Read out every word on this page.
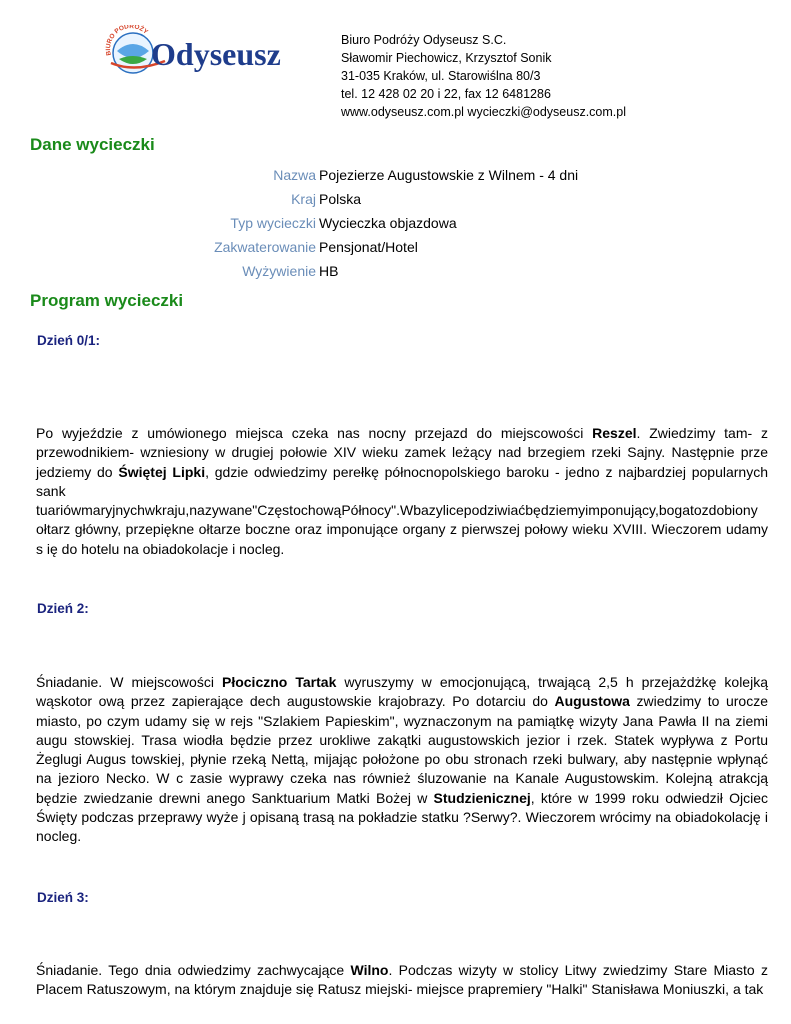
BIURO PODRÓŻY
Odyseusz	Biuro Podróży Odyseusz S.C.
Sławomir Piechowicz, Krzysztof Sonik
31-035 Kraków, ul. Starowiślna 80/3
tel. 12 428 02 20 i 22, fax 12 6481286
www.odyseusz.com.pl wycieczki@odyseusz.com.pl
Dane wycieczki
Nazwa Pojezierze Augustowskie z Wilnem - 4 dni
Kraj Polska
Typ wycieczki Wycieczka objazdowa
Zakwaterowanie Pensjonat/Hotel
Wyżywienie HB
Program wycieczki
Dzień 0/1:

Po wyjeździe z umówionego miejsca czeka nas nocny przejazd do miejscowości Reszel. Zwiedzimy tam- z przewodnikiem- wzniesiony w drugiej połowie XIV wieku zamek leżący nad brzegiem rzeki Sajny. Następnie prze jedziemy do Świętej Lipki, gdzie odwiedzimy perełkę północnopolskiego baroku - jedno z najbardziej popularnych sank tuariówmaryjnychwkraju,nazywane"CzęstochowąPółnocy".Wbazylicepodziwiaćbędziemyimponujący,bogatozdobiony ołtarz główny, przepiękne ołtarze boczne oraz imponujące organy z pierwszej połowy wieku XVIII. Wieczorem udamy s ię do hotelu na obiadokolacje i nocleg.

Dzień 2:

Śniadanie. W miejscowości Płociczno Tartak wyruszymy w emocjonującą, trwającą 2,5 h przejażdżkę kolejką wąskotor ową przez zapierające dech augustowskie krajobrazy. Po dotarciu do Augustowa zwiedzimy to urocze miasto, po czym udamy się w rejs "Szlakiem Papieskim", wyznaczonym na pamiątkę wizyty Jana Pawła II na ziemi augu stowskiej. Trasa wiodła będzie przez urokliwe zakątki augustowskich jezior i rzek. Statek wypływa z Portu Żeglugi Augus towskiej, płynie rzeką Nettą, mijając położone po obu stronach rzeki bulwary, aby następnie wpłynąć na jezioro Necko. W c zasie wyprawy czeka nas również śluzowanie na Kanale Augustowskim. Kolejną atrakcją będzie zwiedzanie drewni anego Sanktuarium Matki Bożej w Studzienicznej, które w 1999 roku odwiedził Ojciec Święty podczas przeprawy wyże j opisaną trasą na pokładzie statku ?Serwy?. Wieczorem wrócimy na obiadokolację i nocleg.

Dzień 3:

Śniadanie. Tego dnia odwiedzimy zachwycające Wilno. Podczas wizyty w stolicy Litwy zwiedzimy Stare Miasto z Placem Ratuszowym, na którym znajduje się Ratusz miejski- miejsce prapremiery "Halki" Stanisława Moniuszki, a tak
